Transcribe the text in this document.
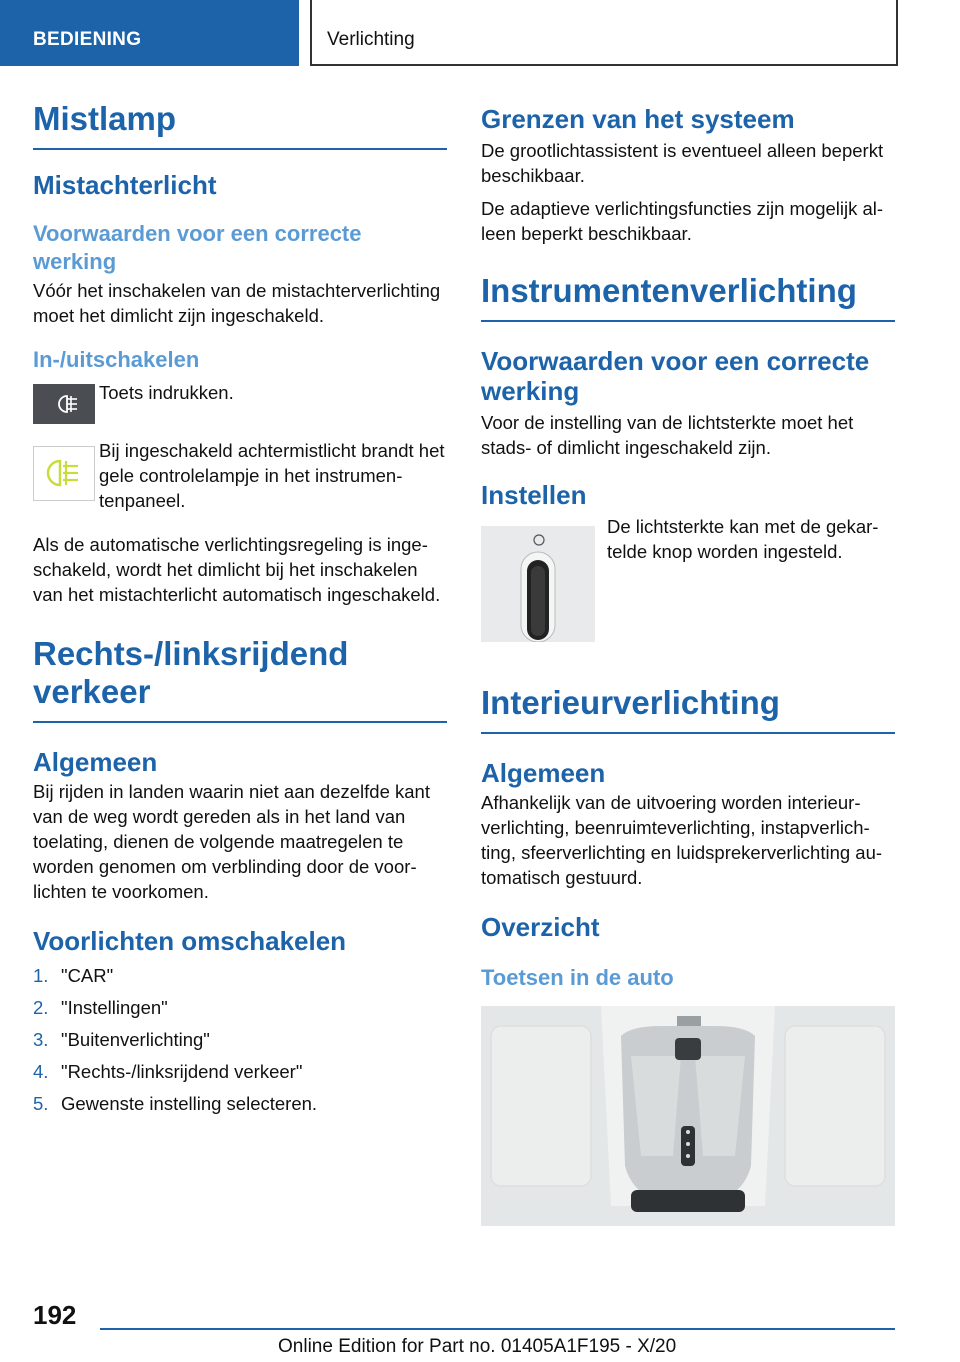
BEDIENING	Verlichting
Mistlamp
Mistachterlicht
Voorwaarden voor een correcte werking

Vóór het inschakelen van de mistachterverlichting moet het dimlicht zijn ingeschakeld.

In-/uitschakelen

Toets indrukken.

Bij ingeschakeld achtermistlicht brandt het gele controlelampje in het instrumentenpaneel.

Als de automatische verlichtingsregeling is ingeschakeld, wordt het dimlicht bij het inschakelen van het mistachterlicht automatisch ingeschakeld.

Rechts-/linksrijdend verkeer
Algemeen

Bij rijden in landen waarin niet aan dezelfde kant van de weg wordt gereden als in het land van toelating, dienen de volgende maatregelen te worden genomen om verblinding door de voorlichten te voorkomen.

Voorlichten omschakelen
1. "CAR"
2. "Instellingen"
3. "Buitenverlichting"
4. "Rechts-/linksrijdend verkeer"
5. Gewenste instelling selecteren.
Grenzen van het systeem

De grootlichtassistent is eventueel alleen beperkt beschikbaar.

De adaptieve verlichtingsfuncties zijn mogelijk alleen beperkt beschikbaar.

Instrumentenverlichting
Voorwaarden voor een correcte werking

Voor de instelling van de lichtsterkte moet het stads- of dimlicht ingeschakeld zijn.

Instellen

De lichtsterkte kan met de gekartelde knop worden ingesteld.

Interieurverlichting
Algemeen

Afhankelijk van de uitvoering worden interieurverlichting, beenruimteverlichting, instapverlichting, sfeerverlichting en luidsprekerverlichting automatisch gestuurd.

Overzicht
Toetsen in de auto
192
Online Edition for Part no. 01405A1F195 - X/20
